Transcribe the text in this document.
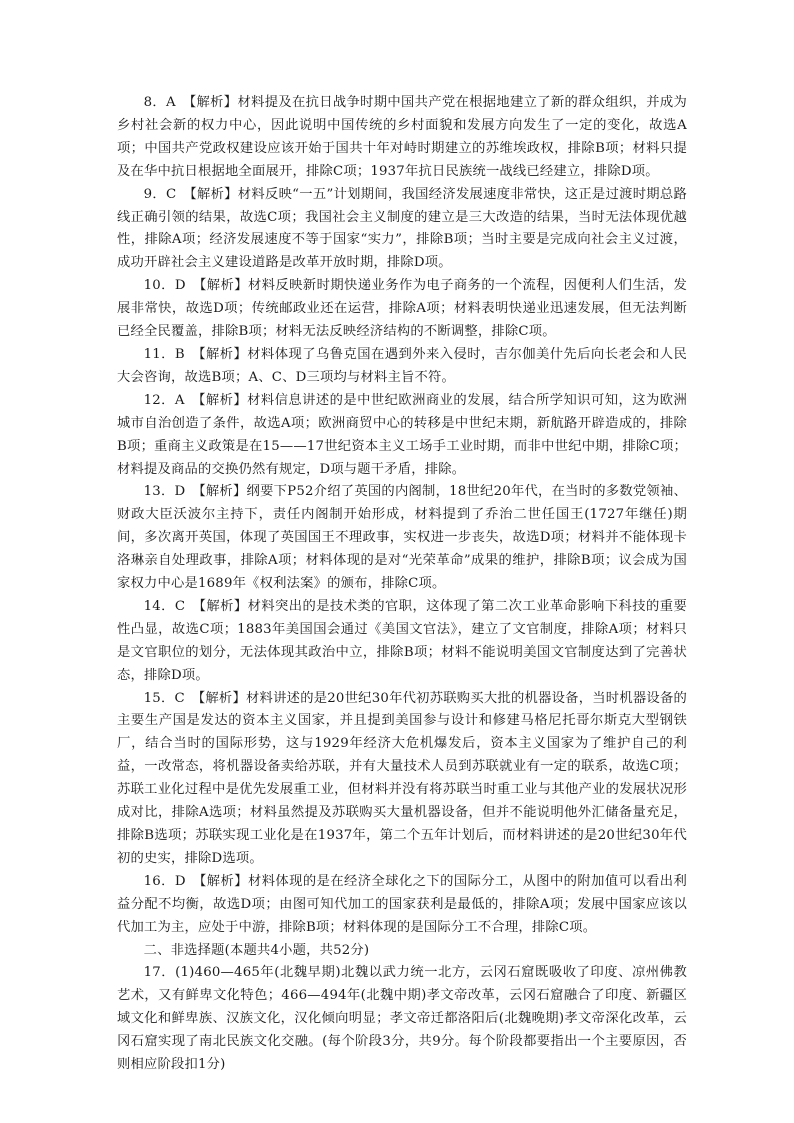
8．A　 【解析】材料提及在抗日战争时期中国共产党在根据地建立了新的群众组织，并成为乡村社会新的权力中心，因此说明中国传统的乡村面貌和发展方向发生了一定的变化，故选A项；中国共产党政权建设应该开始于国共十年对峙时期建立的苏维埃政权，排除B项；材料只提及在华中抗日根据地全面展开，排除C项；1937年抗日民族统一战线已经建立，排除D项。

9．C　 【解析】材料反映“一五”计划期间，我国经济发展速度非常快，这正是过渡时期总路线正确引领的结果，故选C项；我国社会主义制度的建立是三大改造的结果，当时无法体现优越性，排除A项；经济发展速度不等于国家“实力”，排除B项；当时主要是完成向社会主义过渡，成功开辟社会主义建设道路是改革开放时期，排除D项。

10．D　 【解析】材料反映新时期快递业务作为电子商务的一个流程，因便利人们生活，发展非常快，故选D项；传统邮政业还在运营，排除A项；材料表明快递业迅速发展，但无法判断已经全民覆盖，排除B项；材料无法反映经济结构的不断调整，排除C项。

11．B　 【解析】材料体现了乌鲁克国在遇到外来入侵时，吉尔伽美什先后向长老会和人民大会咨询，故选B项；A、C、D三项均与材料主旨不符。

12．A　 【解析】材料信息讲述的是中世纪欧洲商业的发展，结合所学知识可知，这为欧洲城市自治创造了条件，故选A项；欧洲商贸中心的转移是中世纪末期，新航路开辟造成的，排除B项；重商主义政策是在15——17世纪资本主义工场手工业时期，而非中世纪中期，排除C项；材料提及商品的交换仍然有规定，D项与题干矛盾，排除。

13．D　 【解析】纲要下P52介绍了英国的内阁制，18世纪20年代，在当时的多数党领袖、财政大臣沃波尔主持下，责任内阁制开始形成，材料提到了乔治二世任国王(1727年继任)期间，多次离开英国，体现了英国国王不理政事，实权进一步丧失，故选D项；材料并不能体现卡洛琳亲自处理政事，排除A项；材料体现的是对“光荣革命”成果的维护，排除B项；议会成为国家权力中心是1689年《权利法案》的颁布，排除C项。

14．C　 【解析】材料突出的是技术类的官职，这体现了第二次工业革命影响下科技的重要性凸显，故选C项；1883年美国国会通过《美国文官法》，建立了文官制度，排除A项；材料只是文官职位的划分，无法体现其政治中立，排除B项；材料不能说明美国文官制度达到了完善状态，排除D项。

15．C　 【解析】材料讲述的是20世纪30年代初苏联购买大批的机器设备，当时机器设备的主要生产国是发达的资本主义国家，并且提到美国参与设计和修建马格尼托哥尔斯克大型钢铁厂，结合当时的国际形势，这与1929年经济大危机爆发后，资本主义国家为了维护自己的利益，一改常态，将机器设备卖给苏联，并有大量技术人员到苏联就业有一定的联系，故选C项；苏联工业化过程中是优先发展重工业，但材料并没有将苏联当时重工业与其他产业的发展状况形成对比，排除A选项；材料虽然提及苏联购买大量机器设备，但并不能说明他外汇储备量充足，排除B选项；苏联实现工业化是在1937年，第二个五年计划后，而材料讲述的是20世纪30年代初的史实，排除D选项。

16．D　 【解析】材料体现的是在经济全球化之下的国际分工，从图中的附加值可以看出利益分配不均衡，故选D项；由图可知代加工的国家获利是最低的，排除A项；发展中国家应该以代加工为主，应处于中游，排除B项；材料体现的是国际分工不合理，排除C项。

二、非选择题(本题共4小题，共52分)

17．(1)460—465年(北魏早期)北魏以武力统一北方，云冈石窟既吸收了印度、凉州佛教艺术，又有鲜卑文化特色；466—494年(北魏中期)孝文帝改革，云冈石窟融合了印度、新疆区域文化和鲜卑族、汉族文化，汉化倾向明显；孝文帝迁都洛阳后(北魏晚期)孝文帝深化改革，云冈石窟实现了南北民族文化交融。(每个阶段3分，共9分。每个阶段都要指出一个主要原因，否则相应阶段扣1分)
